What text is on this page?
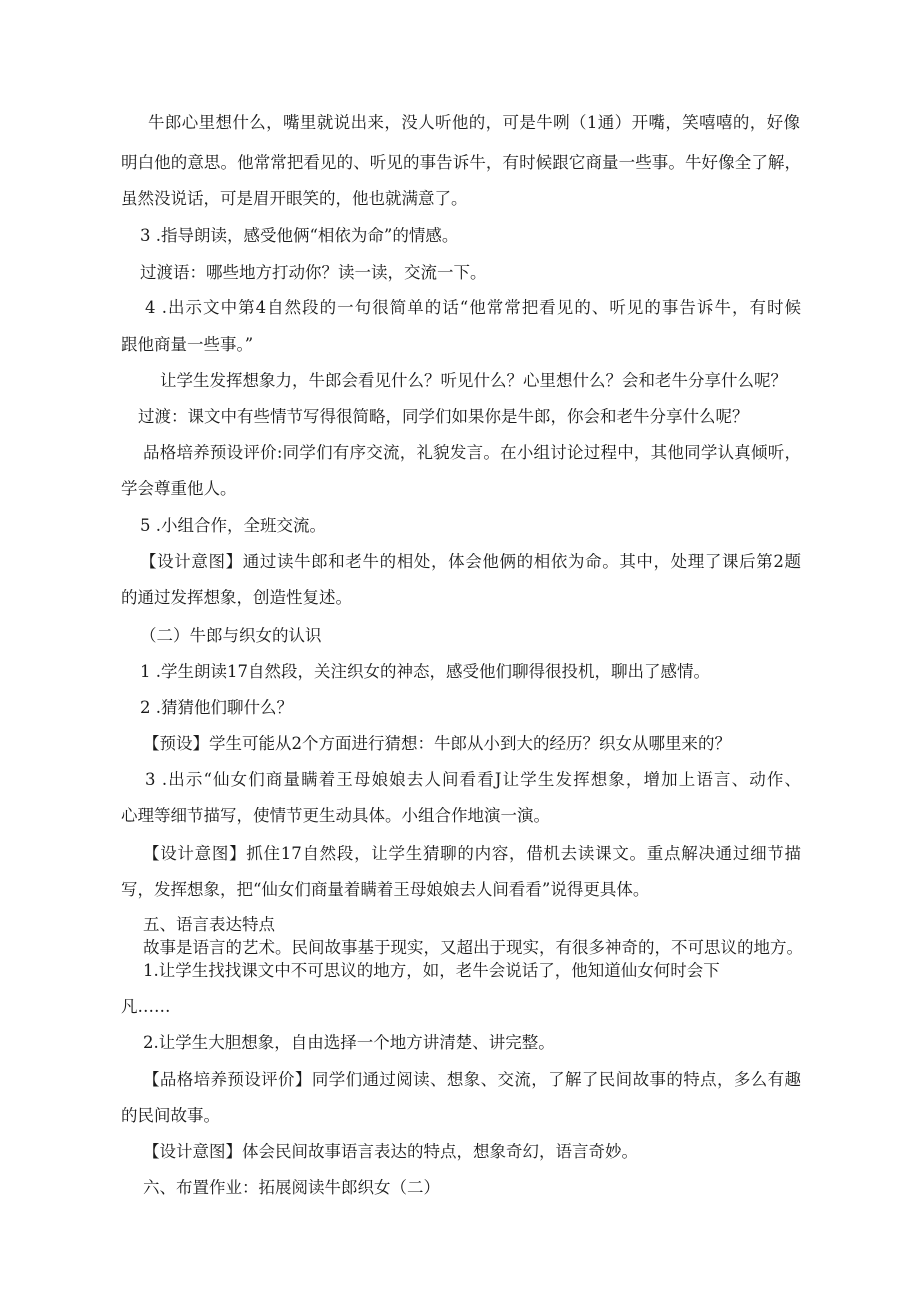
牛郎心里想什么，嘴里就说出来，没人听他的，可是牛咧（1通）开嘴，笑嘻嘻的，好像
明白他的意思。他常常把看见的、听见的事告诉牛，有时候跟它商量一些事。牛好像全了解，
虽然没说话，可是眉开眼笑的，他也就满意了。
3 .指导朗读，感受他俩“相依为命”的情感。
过渡语：哪些地方打动你？读一读，交流一下。
4 .出示文中第4自然段的一句很简单的话“他常常把看见的、听见的事告诉牛，有时候
跟他商量一些事。”
让学生发挥想象力，牛郎会看见什么？听见什么？心里想什么？会和老牛分享什么呢？
过渡：课文中有些情节写得很简略，同学们如果你是牛郎，你会和老牛分享什么呢？
品格培养预设评价:同学们有序交流，礼貌发言。在小组讨论过程中，其他同学认真倾听，
学会尊重他人。
5 .小组合作，全班交流。
【设计意图】通过读牛郎和老牛的相处，体会他俩的相依为命。其中，处理了课后第2题
的通过发挥想象，创造性复述。
（二）牛郎与织女的认识
1 .学生朗读17自然段，关注织女的神态，感受他们聊得很投机，聊出了感情。
2 .猜猜他们聊什么？
【预设】学生可能从2个方面进行猜想：牛郎从小到大的经历？织女从哪里来的？
3 .出示“仙女们商量瞒着王母娘娘去人间看看J让学生发挥想象，增加上语言、动作、
心理等细节描写，使情节更生动具体。小组合作地演一演。
【设计意图】抓住17自然段，让学生猜聊的内容，借机去读课文。重点解决通过细节描
写，发挥想象，把“仙女们商量着瞒着王母娘娘去人间看看”说得更具体。
五、语言表达特点
故事是语言的艺术。民间故事基于现实，又超出于现实，有很多神奇的，不可思议的地方。
1.让学生找找课文中不可思议的地方，如，老牛会说话了，他知道仙女何时会下
凡……
2.让学生大胆想象，自由选择一个地方讲清楚、讲完整。
【品格培养预设评价】同学们通过阅读、想象、交流，了解了民间故事的特点，多么有趣
的民间故事。
【设计意图】体会民间故事语言表达的特点，想象奇幻，语言奇妙。
六、布置作业：拓展阅读牛郎织女（二）
